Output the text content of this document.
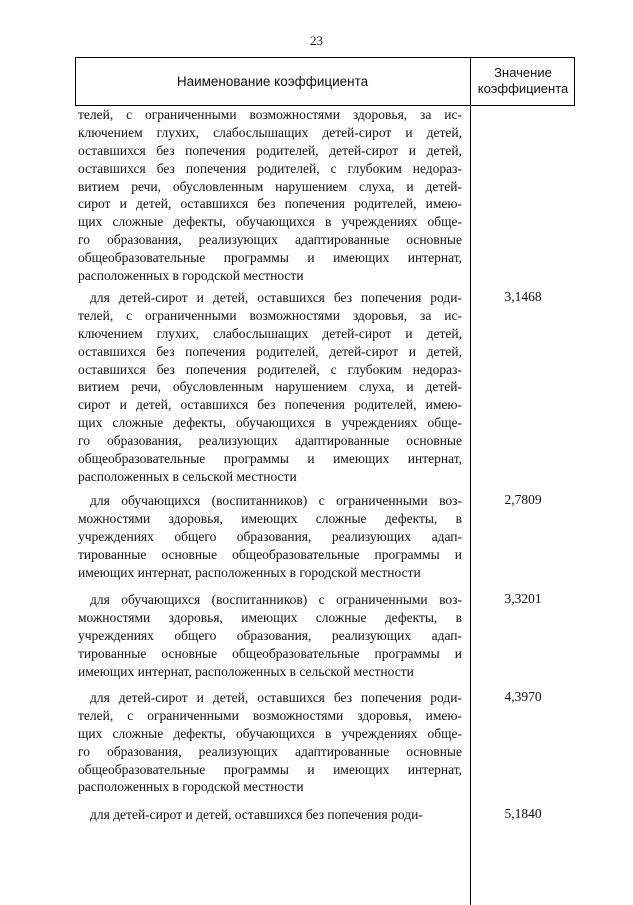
23
Наименование коэффициента
Значение
коэффициента
телей, с ограниченными возможностями здоровья, за ис-
ключением глухих, слабослышащих детей-сирот и детей,
оставшихся без попечения родителей, детей-сирот и детей,
оставшихся без попечения родителей, с глубоким недораз-
витием речи, обусловленным нарушением слуха, и детей-
сирот и детей, оставшихся без попечения родителей, имею-
щих сложные дефекты, обучающихся в учреждениях обще-
го образования, реализующих адаптированные основные
общеобразовательные программы и имеющих интернат,
расположенных в городской местности
для детей-сирот и детей, оставшихся без попечения роди-
телей, с ограниченными возможностями здоровья, за ис-
ключением глухих, слабослышащих детей-сирот и детей,
оставшихся без попечения родителей, детей-сирот и детей,
оставшихся без попечения родителей, с глубоким недораз-
витием речи, обусловленным нарушением слуха, и детей-
сирот и детей, оставшихся без попечения родителей, имею-
щих сложные дефекты, обучающихся в учреждениях обще-
го образования, реализующих адаптированные основные
общеобразовательные программы и имеющих интернат,
расположенных в сельской местности
3,1468
для обучающихся (воспитанников) с ограниченными воз-
можностями здоровья, имеющих сложные дефекты, в
учреждениях общего образования, реализующих адап-
тированные основные общеобразовательные программы и
имеющих интернат, расположенных в городской местности
2,7809
для обучающихся (воспитанников) с ограниченными воз-
можностями здоровья, имеющих сложные дефекты, в
учреждениях общего образования, реализующих адап-
тированные основные общеобразовательные программы и
имеющих интернат, расположенных в сельской местности
3,3201
для детей-сирот и детей, оставшихся без попечения роди-
телей, с ограниченными возможностями здоровья, имею-
щих сложные дефекты, обучающихся в учреждениях обще-
го образования, реализующих адаптированные основные
общеобразовательные программы и имеющих интернат,
расположенных в городской местности
4,3970
для детей-сирот и детей, оставшихся без попечения роди-	5,1840
